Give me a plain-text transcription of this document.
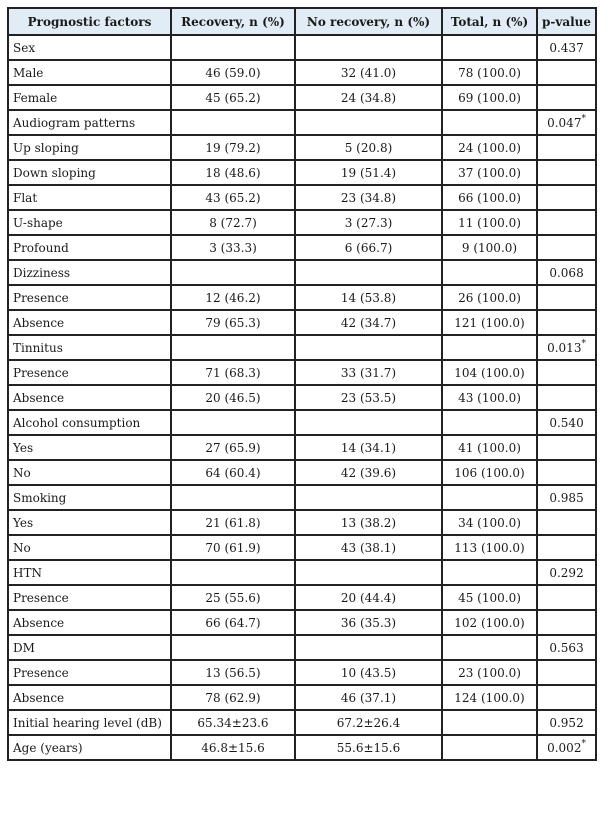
Prognostic factors	Recovery, n (%)	No recovery, n (%)	Total, n (%)	p-value
Sex				0.437
Male	46 (59.0)	32 (41.0)	78 (100.0)	
Female	45 (65.2)	24 (34.8)	69 (100.0)	
Audiogram patterns				0.047*
Up sloping	19 (79.2)	5 (20.8)	24 (100.0)	
Down sloping	18 (48.6)	19 (51.4)	37 (100.0)	
Flat	43 (65.2)	23 (34.8)	66 (100.0)	
U-shape	8 (72.7)	3 (27.3)	11 (100.0)	
Profound	3 (33.3)	6 (66.7)	9 (100.0)	
Dizziness				0.068
Presence	12 (46.2)	14 (53.8)	26 (100.0)	
Absence	79 (65.3)	42 (34.7)	121 (100.0)	
Tinnitus				0.013*
Presence	71 (68.3)	33 (31.7)	104 (100.0)	
Absence	20 (46.5)	23 (53.5)	43 (100.0)	
Alcohol consumption				0.540
Yes	27 (65.9)	14 (34.1)	41 (100.0)	
No	64 (60.4)	42 (39.6)	106 (100.0)	
Smoking				0.985
Yes	21 (61.8)	13 (38.2)	34 (100.0)	
No	70 (61.9)	43 (38.1)	113 (100.0)	
HTN				0.292
Presence	25 (55.6)	20 (44.4)	45 (100.0)	
Absence	66 (64.7)	36 (35.3)	102 (100.0)	
DM				0.563
Presence	13 (56.5)	10 (43.5)	23 (100.0)	
Absence	78 (62.9)	46 (37.1)	124 (100.0)	
Initial hearing level (dB)	65.34±23.6	67.2±26.4		0.952
Age (years)	46.8±15.6	55.6±15.6		0.002*
